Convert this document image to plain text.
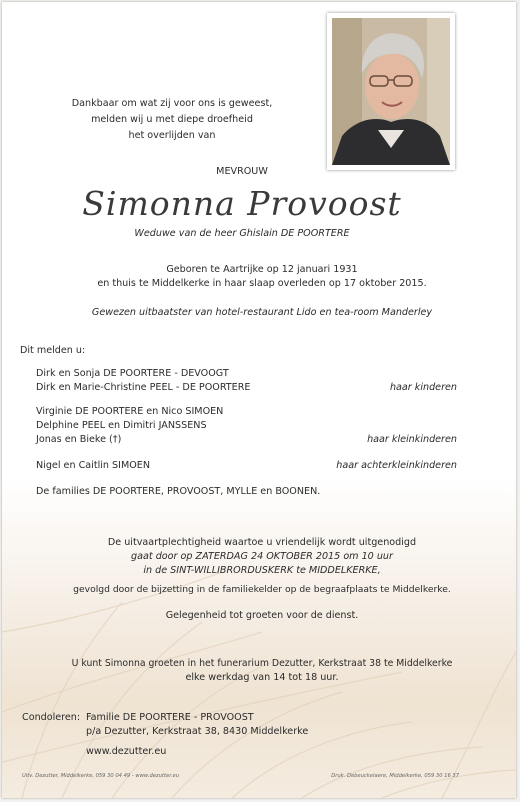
Dankbaar om wat zij voor ons is geweest,
melden wij u met diepe droefheid
het overlijden van
MEVROUW
Simonna Provoost
Weduwe van de heer Ghislain DE POORTERE
Geboren te Aartrijke op 12 januari 1931
en thuis te Middelkerke in haar slaap overleden op 17 oktober 2015.
Gewezen uitbaatster van hotel-restaurant Lido en tea-room Manderley
Dit melden u:
Dirk en Sonja DE POORTERE - DEVOOGT
Dirk en Marie-Christine PEEL - DE POORTERE	haar kinderen
Virginie DE POORTERE en Nico SIMOEN
Delphine PEEL en Dimitri JANSSENS
Jonas en Bieke (†)	haar kleinkinderen
Nigel en Caitlin SIMOEN	haar achterkleinkinderen
De families DE POORTERE, PROVOOST, MYLLE en BOONEN.
De uitvaartplechtigheid waartoe u vriendelijk wordt uitgenodigd
gaat door op ZATERDAG 24 OKTOBER 2015 om 10 uur
in de SINT-WILLIBRORDUSKERK te MIDDELKERKE,
gevolgd door de bijzetting in de familiekelder op de begraafplaats te Middelkerke.
Gelegenheid tot groeten voor de dienst.
U kunt Simonna groeten in het funerarium Dezutter, Kerkstraat 38 te Middelkerke
elke werkdag van 14 tot 18 uur.
Condoleren: Familie DE POORTERE - PROVOOST
p/a Dezutter, Kerkstraat 38, 8430 Middelkerke
www.dezutter.eu
Uitv. Dezutter, Middelkerke, 059 30 04 49 - www.dezutter.eu	Druk. Debeuckelaere, Middelkerke, 059 30 16 37
